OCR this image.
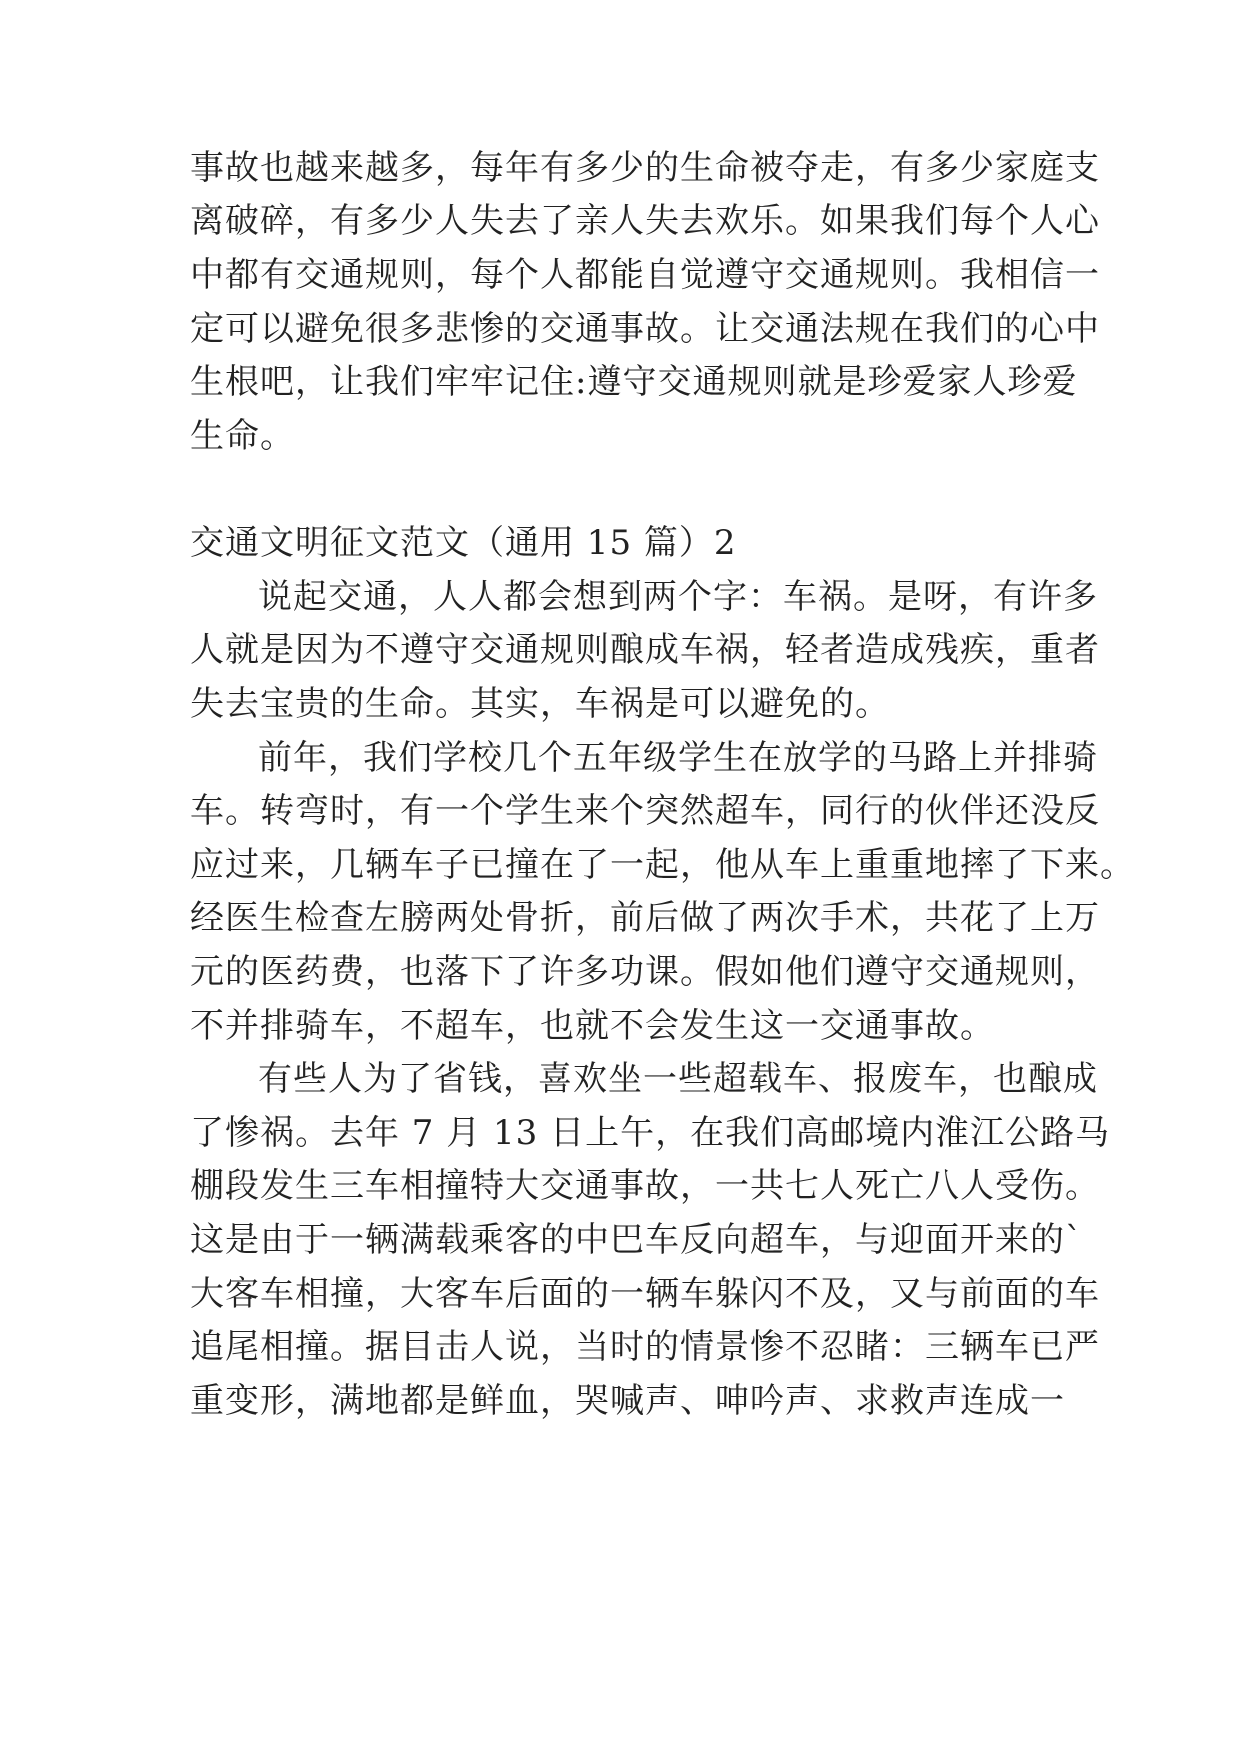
事故也越来越多，每年有多少的生命被夺走，有多少家庭支
离破碎，有多少人失去了亲人失去欢乐。如果我们每个人心
中都有交通规则，每个人都能自觉遵守交通规则。我相信一
定可以避免很多悲惨的交通事故。让交通法规在我们的心中
生根吧，让我们牢牢记住:遵守交通规则就是珍爱家人珍爱
生命。
交通文明征文范文（通用 15 篇）2
说起交通，人人都会想到两个字：车祸。是呀，有许多
人就是因为不遵守交通规则酿成车祸，轻者造成残疾，重者
失去宝贵的生命。其实，车祸是可以避免的。
前年，我们学校几个五年级学生在放学的马路上并排骑
车。转弯时，有一个学生来个突然超车，同行的伙伴还没反
应过来，几辆车子已撞在了一起，他从车上重重地摔了下来。
经医生检查左膀两处骨折，前后做了两次手术，共花了上万
元的医药费，也落下了许多功课。假如他们遵守交通规则，
不并排骑车，不超车，也就不会发生这一交通事故。
有些人为了省钱，喜欢坐一些超载车、报废车，也酿成
了惨祸。去年 7 月 13 日上午，在我们高邮境内淮江公路马
棚段发生三车相撞特大交通事故，一共七人死亡八人受伤。
这是由于一辆满载乘客的中巴车反向超车，与迎面开来的`
大客车相撞，大客车后面的一辆车躲闪不及，又与前面的车
追尾相撞。据目击人说，当时的情景惨不忍睹：三辆车已严
重变形，满地都是鲜血，哭喊声、呻吟声、求救声连成一
